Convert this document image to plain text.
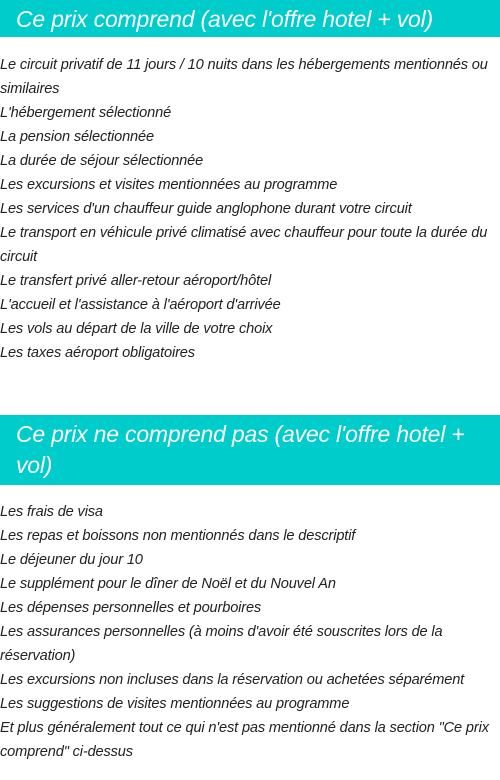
Ce prix comprend (avec l'offre hotel + vol)
Le circuit privatif de 11 jours / 10 nuits dans les hébergements mentionnés ou similaires
L'hébergement sélectionné
La pension sélectionnée
La durée de séjour sélectionnée
Les excursions et visites mentionnées au programme
Les services d'un chauffeur guide anglophone durant votre circuit
Le transport en véhicule privé climatisé avec chauffeur pour toute la durée du circuit
Le transfert privé aller-retour aéroport/hôtel
L'accueil et l'assistance à l'aéroport d'arrivée
Les vols au départ de la ville de votre choix
Les taxes aéroport obligatoires
Ce prix ne comprend pas (avec l'offre hotel + vol)
Les frais de visa
Les repas et boissons non mentionnés dans le descriptif
Le déjeuner du jour 10
Le supplément pour le dîner de Noël et du Nouvel An
Les dépenses personnelles et pourboires
Les assurances personnelles (à moins d'avoir été souscrites lors de la réservation)
Les excursions non incluses dans la réservation ou achetées séparément
Les suggestions de visites mentionnées au programme
Et plus généralement tout ce qui n'est pas mentionné dans la section "Ce prix comprend" ci-dessus
